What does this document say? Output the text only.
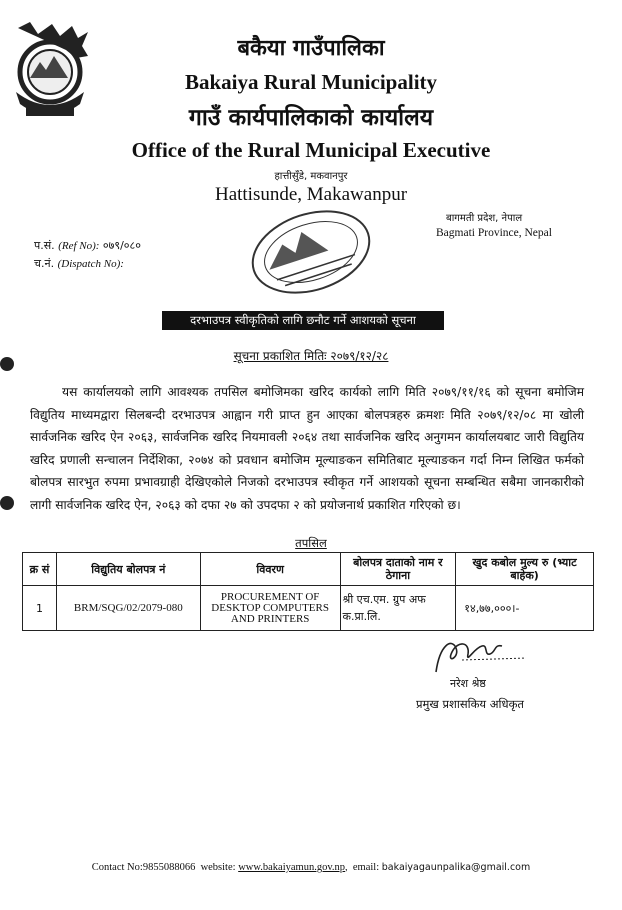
बकैया गाउँपालिका
Bakaiya Rural Municipality
गाउँ कार्यपालिकाको कार्यालय
Office of the Rural Municipal Executive
हात्तीसुँडे, मकवानपुर
Hattisunde, Makawanpur
बागमती प्रदेश, नेपाल
Bagmati Province, Nepal
प.सं. (Ref No): ०७९/०८०
च.नं. (Dispatch No):
दरभाउपत्र स्वीकृतिको लागि छनौट गर्ने आशयको सूचना
सूचना प्रकाशित मितिः २०७९/१२/२८
यस कार्यालयको लागि आवश्यक तपसिल बमोजिमका खरिद कार्यको लागि मिति २०७९/११/१६ को सूचना बमोजिम विद्युतिय माध्यमद्वारा सिलबन्दी दरभाउपत्र आह्वान गरी प्राप्त हुन आएका बोलपत्रहरु क्रमशः मिति २०७९/१२/०८ मा खोली सार्वजनिक खरिद ऐन २०६३, सार्वजनिक खरिद नियमावली २०६४ तथा सार्वजनिक खरिद अनुगमन कार्यालयबाट जारी विद्युतिय खरिद प्रणाली सन्चालन निर्देशिका, २०७४ को प्रवधान बमोजिम मूल्याङकन समितिबाट मूल्याङकन गर्दा निम्न लिखित फर्मको बोलपत्र सारभुत रुपमा प्रभावग्राही देखिएकोले निजको दरभाउपत्र स्वीकृत गर्ने आशयको सूचना सम्बन्धित सबैमा जानकारीको लागी सार्वजनिक खरिद ऐन, २०६३ को दफा २७ को उपदफा २ को प्रयोजनार्थ प्रकाशित गरिएको छ।
तपसिल
क्र सं	विद्युतिय बोलपत्र नं	विवरण	बोलपत्र दाताको नाम र ठेगाना	खुद कबोल मुल्य रु (भ्याट बाहेक)
1	BRM/SQG/02/2079-080	PROCUREMENT OF DESKTOP COMPUTERS AND PRINTERS	श्री एच.एम. ग्रुप अफ क.प्रा.लि.	१४,७७,०००।-
नरेश श्रेष्ठ
प्रमुख प्रशासकिय अधिकृत
Contact No:9855088066 website: www.bakaiyamun.gov.np,  email: bakaiyagaunpalika@gmail.com
